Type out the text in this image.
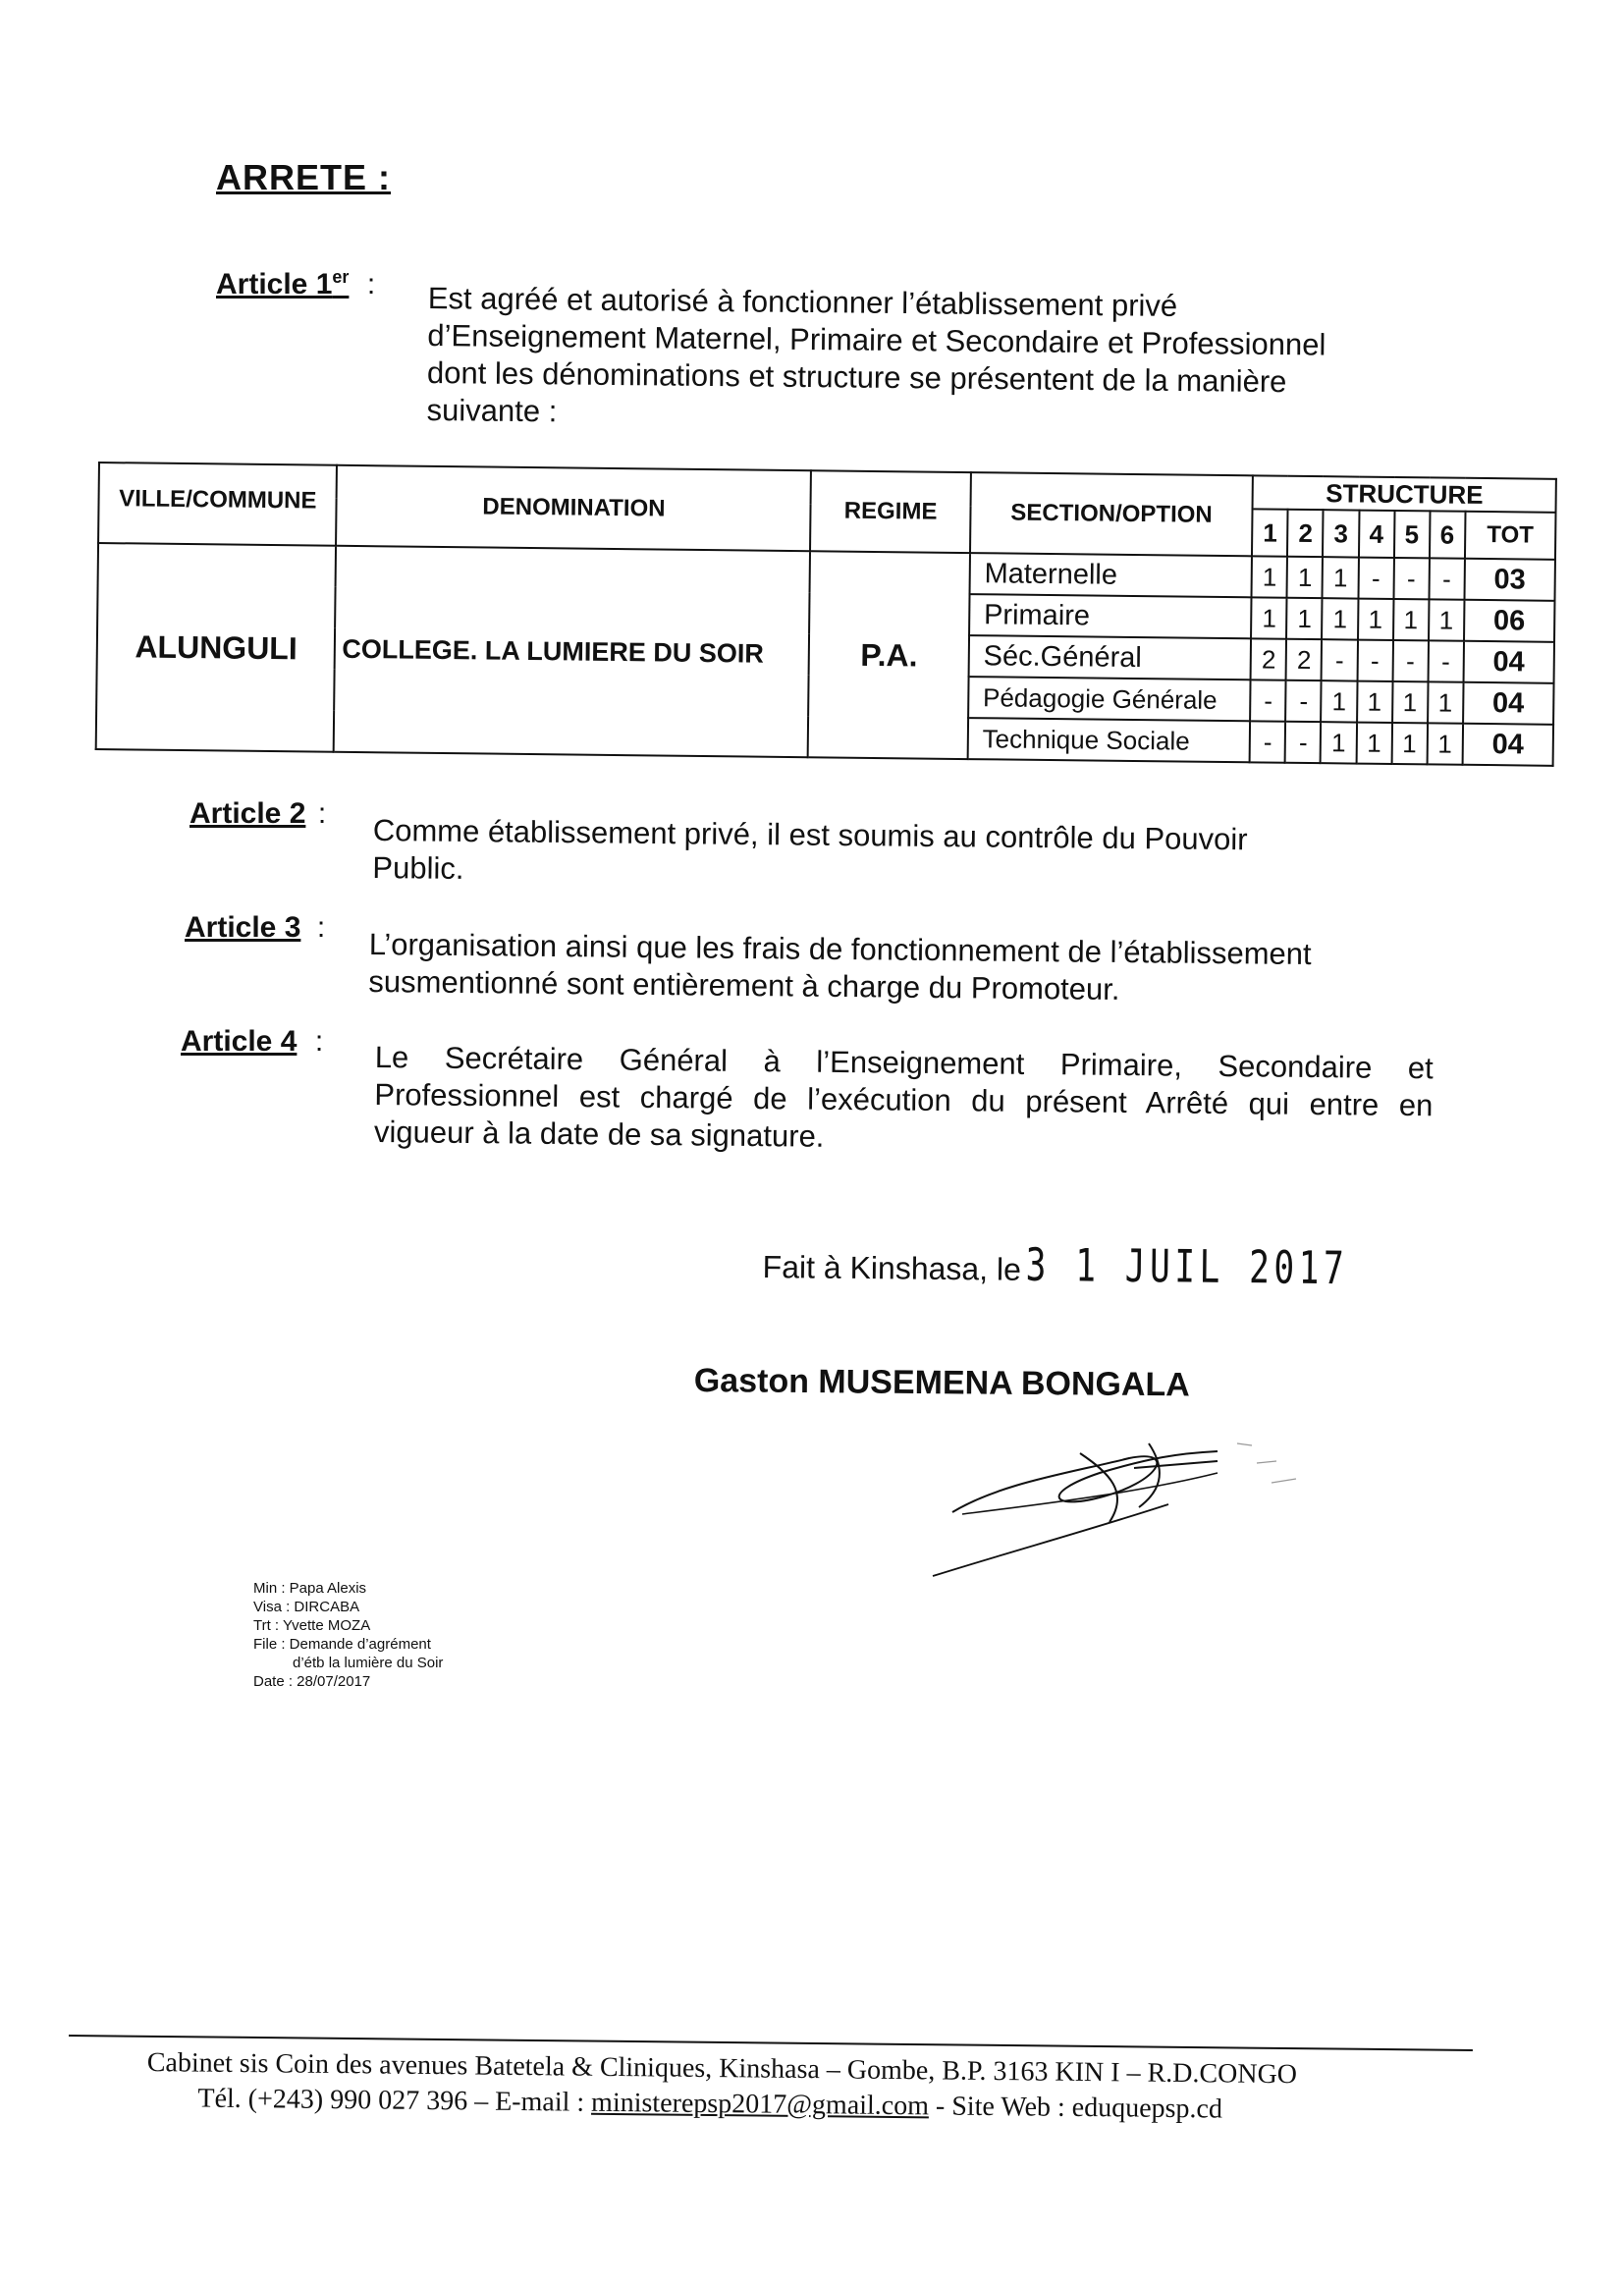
ARRETE :
Article 1er : Est agréé et autorisé à fonctionner l’établissement privé
d’Enseignement Maternel, Primaire et Secondaire et Professionnel
dont les dénominations et structure se présentent de la manière
suivante :
VILLE/COMMUNE	DENOMINATION	REGIME	SECTION/OPTION	STRUCTURE						
				1	2	3	4	5	6	TOT
ALUNGULI	COLLEGE. LA LUMIERE DU SOIR	P.A.	Maternelle	1	1	1	-	-	-	03
			Primaire	1	1	1	1	1	1	06
			Séc.Général	2	2	-	-	-	-	04
			Pédagogie Générale	-	-	1	1	1	1	04
			Technique Sociale	-	-	1	1	1	1	04
Article 2 : Comme établissement privé, il est soumis au contrôle du Pouvoir
Public.
Article 3 : L’organisation ainsi que les frais de fonctionnement de l’établissement
susmentionné sont entièrement à charge du Promoteur.
Article 4 : Le Secrétaire Général à l’Enseignement Primaire, Secondaire et
Professionnel est chargé de l’exécution du présent Arrêté qui entre en
vigueur à la date de sa signature.
Fait à Kinshasa, le 3 1 JUIL 2017
Gaston MUSEMENA BONGALA
Min : Papa Alexis
Visa : DIRCABA
Trt : Yvette MOZA
File : Demande d’agrément
d’étb la lumière du Soir
Date : 28/07/2017
Cabinet sis Coin des avenues Batetela & Cliniques, Kinshasa – Gombe, B.P. 3163 KIN I – R.D.CONGO
Tél. (+243) 990 027 396 – E-mail : ministerepsp2017@gmail.com - Site Web : eduquepsp.cd
